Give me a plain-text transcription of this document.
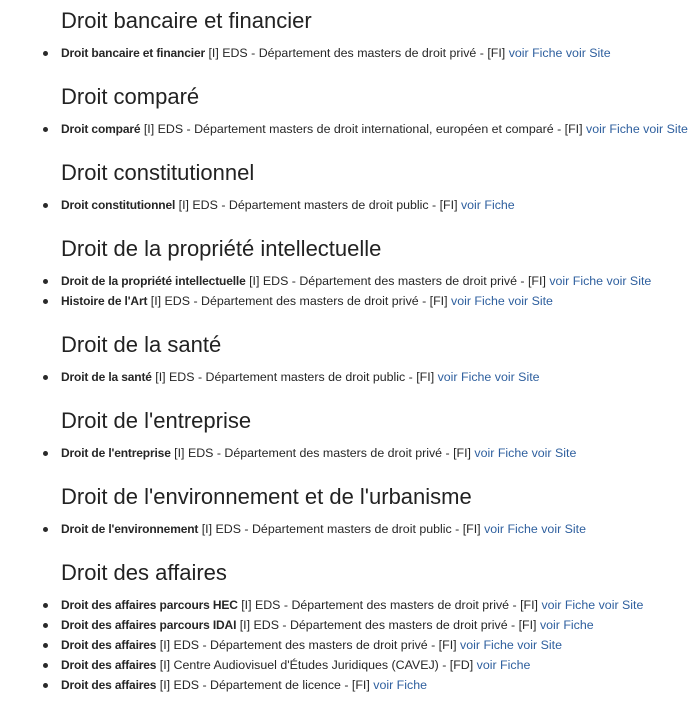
Droit bancaire et financier
Droit bancaire et financier [I] EDS - Département des masters de droit privé - [FI] voir Fiche voir Site
Droit comparé
Droit comparé [I] EDS - Département masters de droit international, européen et comparé - [FI] voir Fiche voir Site
Droit constitutionnel
Droit constitutionnel [I] EDS - Département masters de droit public - [FI] voir Fiche
Droit de la propriété intellectuelle
Droit de la propriété intellectuelle [I] EDS - Département des masters de droit privé - [FI] voir Fiche voir Site
Histoire de l'Art [I] EDS - Département des masters de droit privé - [FI] voir Fiche voir Site
Droit de la santé
Droit de la santé [I] EDS - Département masters de droit public - [FI] voir Fiche voir Site
Droit de l'entreprise
Droit de l'entreprise [I] EDS - Département des masters de droit privé - [FI] voir Fiche voir Site
Droit de l'environnement et de l'urbanisme
Droit de l'environnement [I] EDS - Département masters de droit public - [FI] voir Fiche voir Site
Droit des affaires
Droit des affaires parcours HEC [I] EDS - Département des masters de droit privé - [FI] voir Fiche voir Site
Droit des affaires parcours IDAI [I] EDS - Département des masters de droit privé - [FI] voir Fiche
Droit des affaires [I] EDS - Département des masters de droit privé - [FI] voir Fiche voir Site
Droit des affaires [I] Centre Audiovisuel d'Études Juridiques (CAVEJ) - [FD] voir Fiche
Droit des affaires [I] EDS - Département de licence - [FI] voir Fiche
